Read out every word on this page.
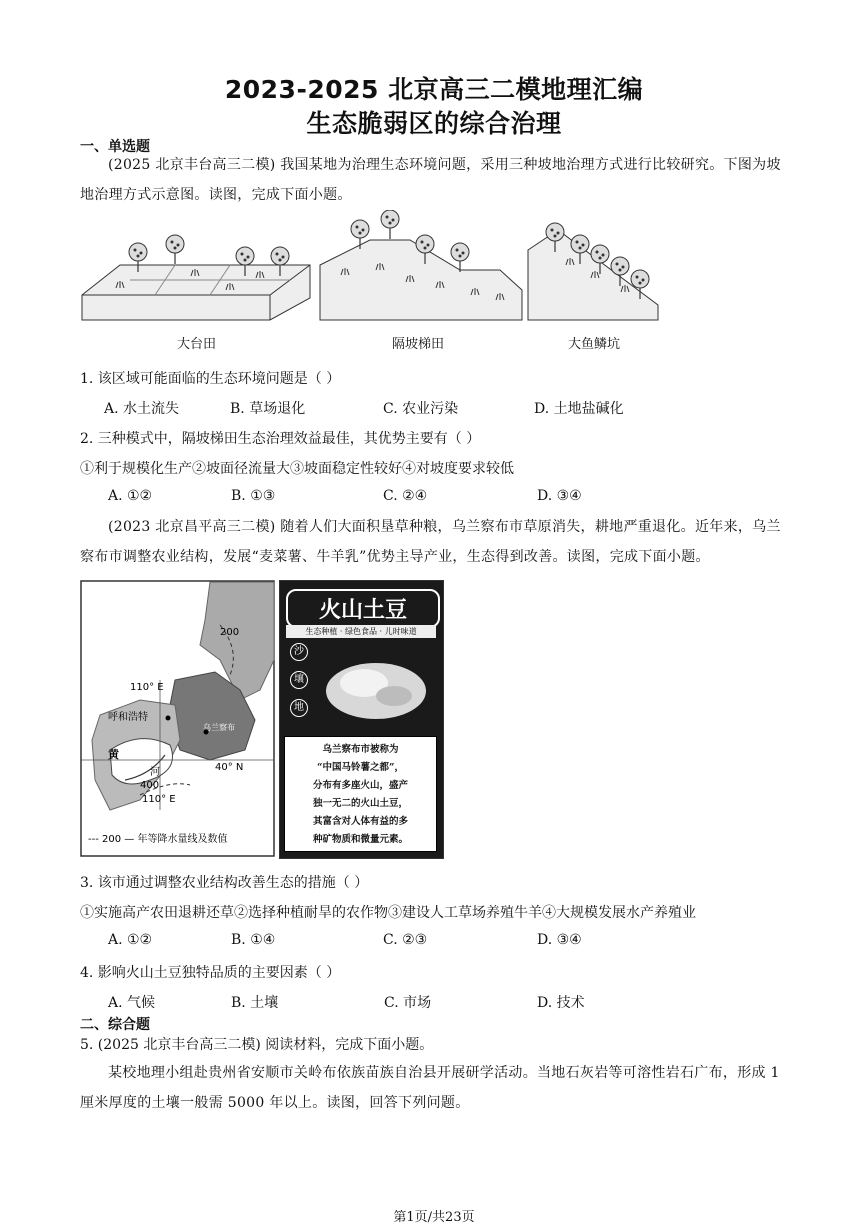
2023-2025 北京高三二模地理汇编
生态脆弱区的综合治理
一、单选题
(2025 北京丰台高三二模) 我国某地为治理生态环境问题，采用三种坡地治理方式进行比较研究。下图为坡地治理方式示意图。读图，完成下面小题。
大台田	隔坡梯田	大鱼鳞坑
1. 该区域可能面临的生态环境问题是（ ）
A. 水土流失	B. 草场退化	C. 农业污染	D. 土地盐碱化
2. 三种模式中，隔坡梯田生态治理效益最佳，其优势主要有（ ）
①利于规模化生产②坡面径流量大③坡面稳定性较好④对坡度要求较低
A. ①②	B. ①③	C. ②④	D. ③④
(2023 北京昌平高三二模) 随着人们大面积垦草种粮，乌兰察布市草原消失，耕地严重退化。近年来，乌兰察布市调整农业结构，发展“麦菜薯、牛羊乳”优势主导产业，生态得到改善。读图，完成下面小题。
200
110° E
乌兰察布
呼和浩特
黄
河	40° N
400
110° E
--- 200 — 年等降水量线及数值
火山土豆
生态种植 · 绿色食品 · 儿时味道
沙
壤
地
乌兰察布市被称为
“中国马铃薯之都”，
分布有多座火山，盛产
独一无二的火山土豆，
其富含对人体有益的多
种矿物质和微量元素。
3. 该市通过调整农业结构改善生态的措施（ ）
①实施高产农田退耕还草②选择种植耐旱的农作物③建设人工草场养殖牛羊④大规模发展水产养殖业
A. ①②	B. ①④	C. ②③	D. ③④
4. 影响火山土豆独特品质的主要因素（ ）
A. 气候	B. 土壤	C. 市场	D. 技术
二、综合题
5. (2025 北京丰台高三二模) 阅读材料，完成下面小题。
某校地理小组赴贵州省安顺市关岭布依族苗族自治县开展研学活动。当地石灰岩等可溶性岩石广布，形成 1 厘米厚度的土壤一般需 5000 年以上。读图，回答下列问题。
第1页/共23页
